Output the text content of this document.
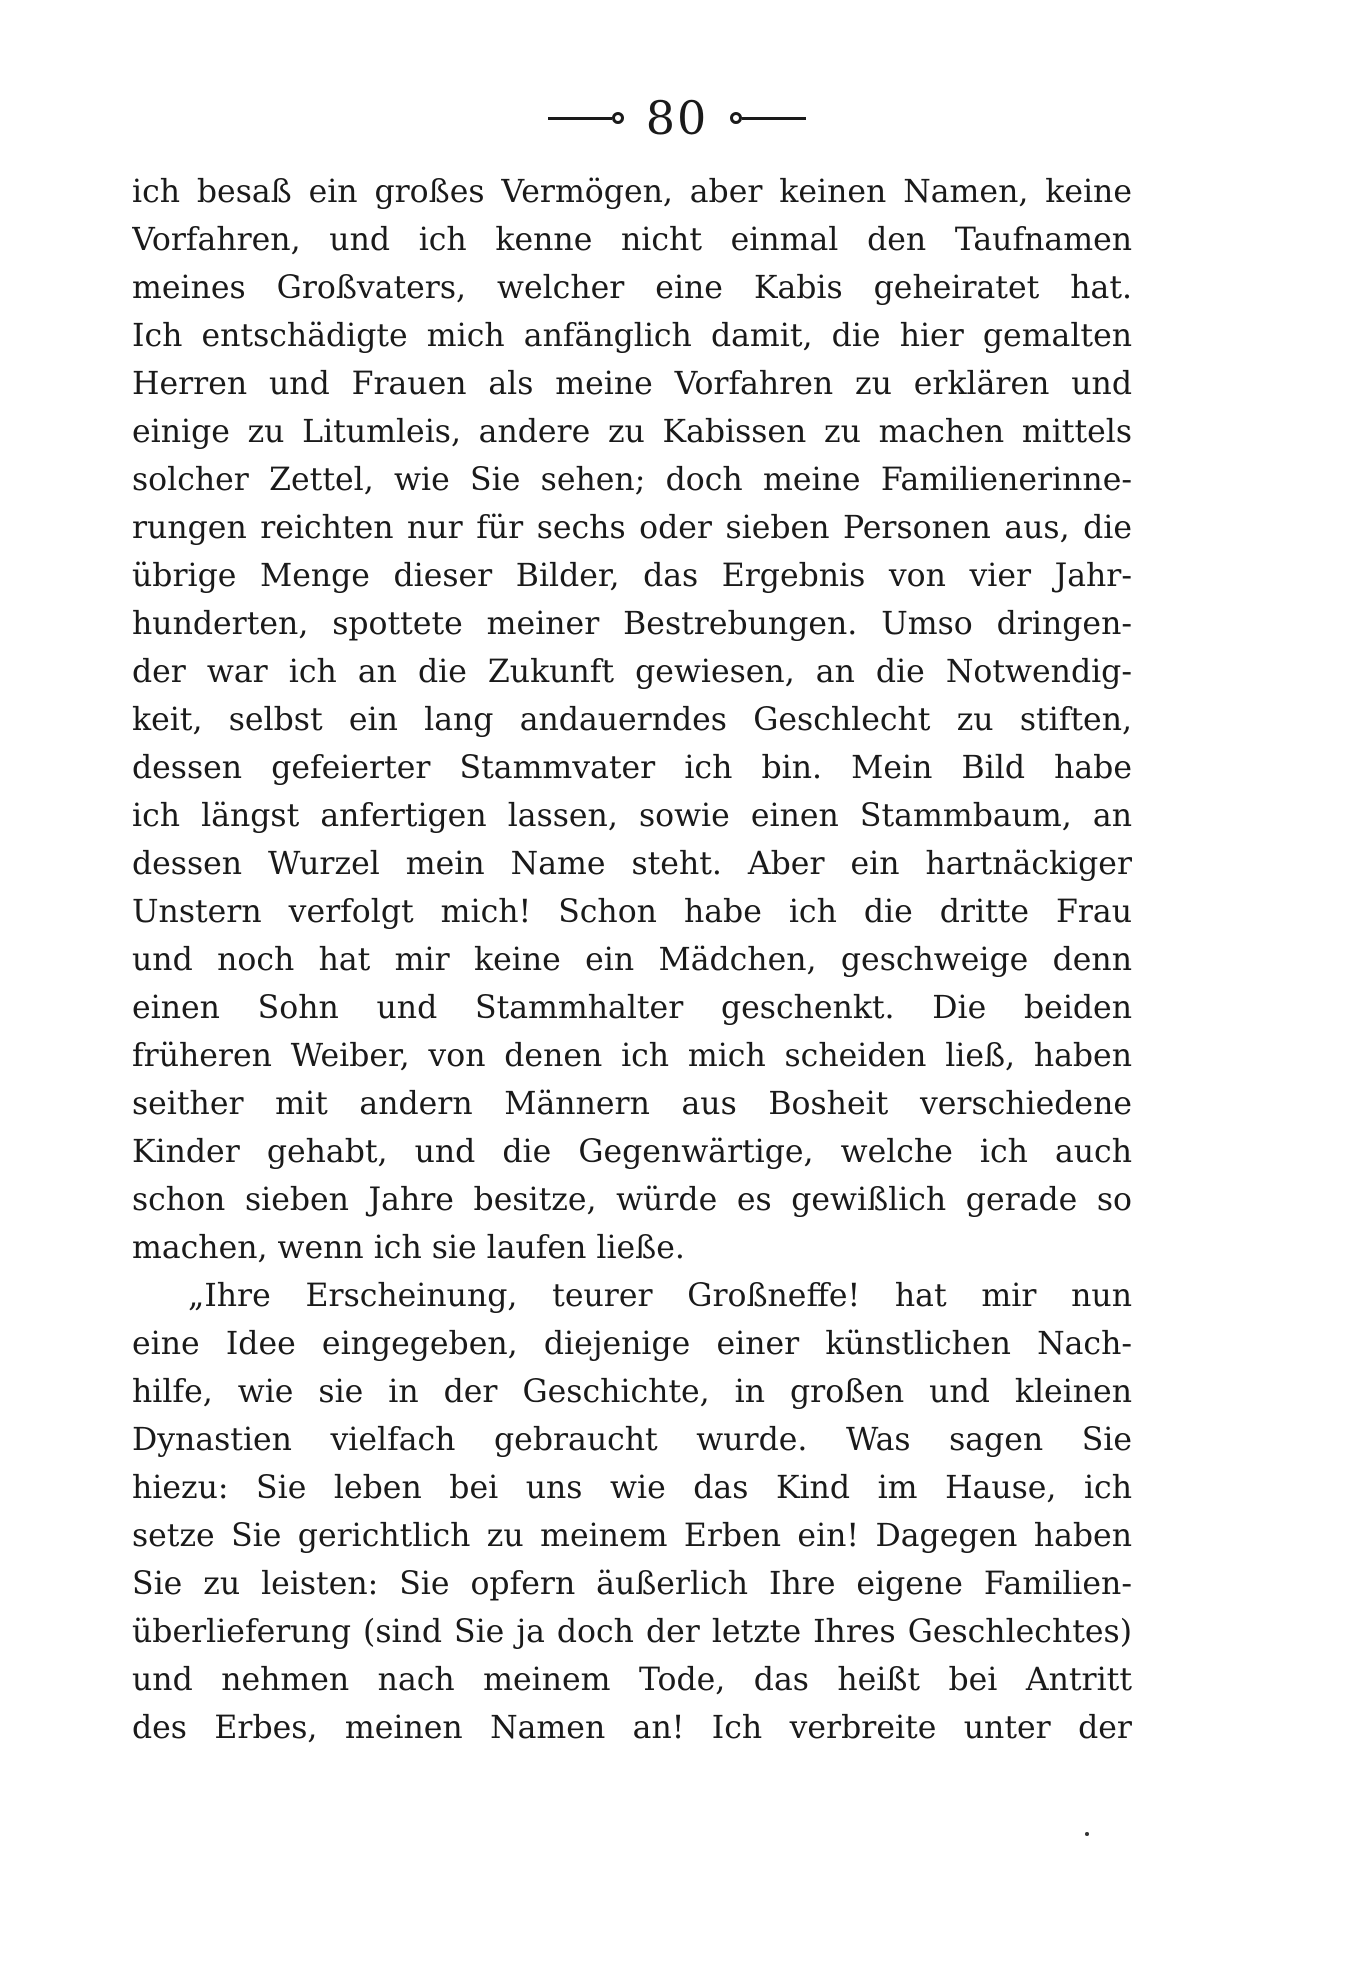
80
ich besaß ein großes Vermögen, aber keinen Namen, keine
Vorfahren, und ich kenne nicht einmal den Taufnamen
meines Großvaters, welcher eine Kabis geheiratet hat.
Ich entschädigte mich anfänglich damit, die hier gemalten
Herren und Frauen als meine Vorfahren zu erklären und
einige zu Litumleis, andere zu Kabissen zu machen mittels
solcher Zettel, wie Sie sehen; doch meine Familienerinne-
rungen reichten nur für sechs oder sieben Personen aus, die
übrige Menge dieser Bilder, das Ergebnis von vier Jahr-
hunderten, spottete meiner Bestrebungen. Umso dringen-
der war ich an die Zukunft gewiesen, an die Notwendig-
keit, selbst ein lang andauerndes Geschlecht zu stiften,
dessen gefeierter Stammvater ich bin. Mein Bild habe
ich längst anfertigen lassen, sowie einen Stammbaum, an
dessen Wurzel mein Name steht. Aber ein hartnäckiger
Unstern verfolgt mich! Schon habe ich die dritte Frau
und noch hat mir keine ein Mädchen, geschweige denn
einen Sohn und Stammhalter geschenkt. Die beiden
früheren Weiber, von denen ich mich scheiden ließ, haben
seither mit andern Männern aus Bosheit verschiedene
Kinder gehabt, und die Gegenwärtige, welche ich auch
schon sieben Jahre besitze, würde es gewißlich gerade so
machen, wenn ich sie laufen ließe.
„Ihre Erscheinung, teurer Großneffe! hat mir nun
eine Idee eingegeben, diejenige einer künstlichen Nach-
hilfe, wie sie in der Geschichte, in großen und kleinen
Dynastien vielfach gebraucht wurde. Was sagen Sie
hiezu: Sie leben bei uns wie das Kind im Hause, ich
setze Sie gerichtlich zu meinem Erben ein! Dagegen haben
Sie zu leisten: Sie opfern äußerlich Ihre eigene Familien-
überlieferung (sind Sie ja doch der letzte Ihres Geschlechtes)
und nehmen nach meinem Tode, das heißt bei Antritt
des Erbes, meinen Namen an! Ich verbreite unter der
